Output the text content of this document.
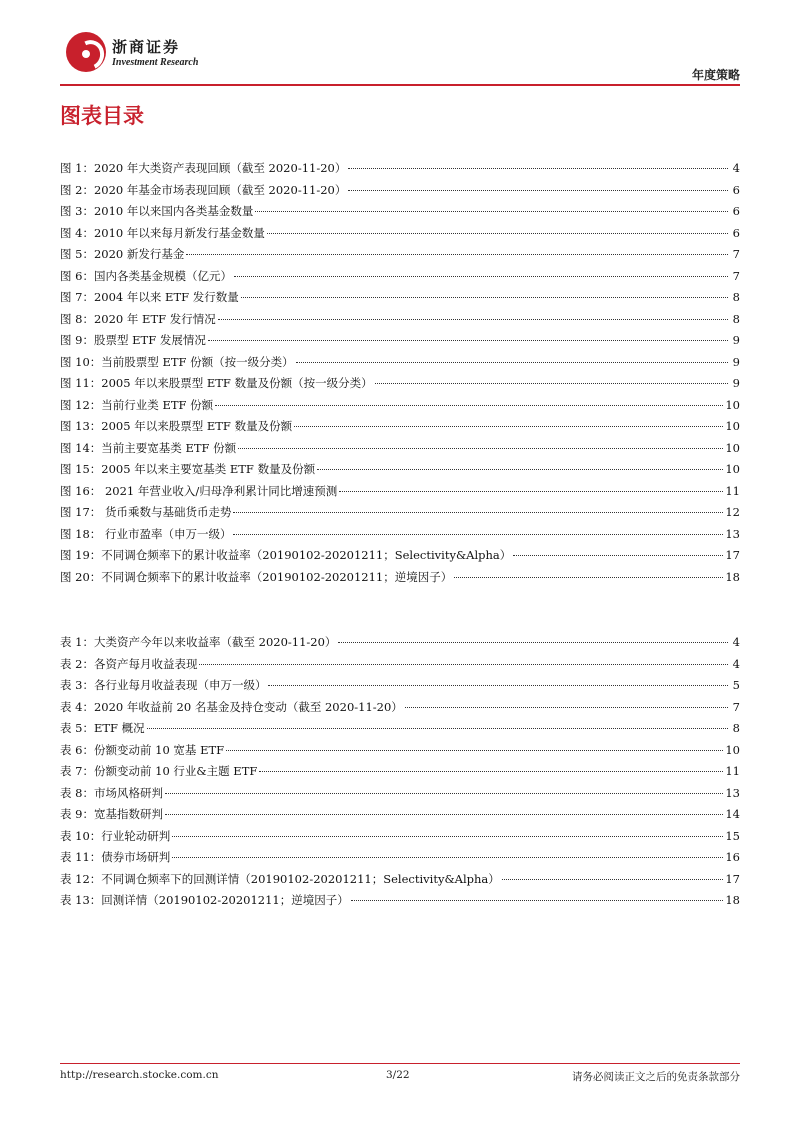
浙商证券
Investment Research
年度策略
图表目录
图 1：2020 年大类资产表现回顾（截至 2020-11-20）	4
图 2：2020 年基金市场表现回顾（截至 2020-11-20）	6
图 3：2010 年以来国内各类基金数量	6
图 4：2010 年以来每月新发行基金数量	6
图 5：2020 新发行基金	7
图 6：国内各类基金规模（亿元）	7
图 7：2004 年以来 ETF 发行数量	8
图 8：2020 年 ETF 发行情况	8
图 9：股票型 ETF 发展情况	9
图 10：当前股票型 ETF 份额（按一级分类）	9
图 11：2005 年以来股票型 ETF 数量及份额（按一级分类）	9
图 12：当前行业类 ETF 份额	10
图 13：2005 年以来股票型 ETF 数量及份额	10
图 14：当前主要宽基类 ETF 份额	10
图 15：2005 年以来主要宽基类 ETF 数量及份额	10
图 16： 2021 年营业收入/归母净利累计同比增速预测	11
图 17： 货币乘数与基础货币走势	12
图 18： 行业市盈率（申万一级）	13
图 19：不同调仓频率下的累计收益率（20190102-20201211；Selectivity&Alpha）	17
图 20：不同调仓频率下的累计收益率（20190102-20201211；逆境因子）	18
表 1：大类资产今年以来收益率（截至 2020-11-20）	4
表 2：各资产每月收益表现	4
表 3：各行业每月收益表现（申万一级）	5
表 4：2020 年收益前 20 名基金及持仓变动（截至 2020-11-20）	7
表 5：ETF 概况	8
表 6：份额变动前 10 宽基 ETF	10
表 7：份额变动前 10 行业&主题 ETF	11
表 8：市场风格研判	13
表 9：宽基指数研判	14
表 10：行业轮动研判	15
表 11：债券市场研判	16
表 12：不同调仓频率下的回测详情（20190102-20201211；Selectivity&Alpha）	17
表 13：回测详情（20190102-20201211；逆境因子）	18
http://research.stocke.com.cn	3/22	请务必阅读正文之后的免责条款部分
